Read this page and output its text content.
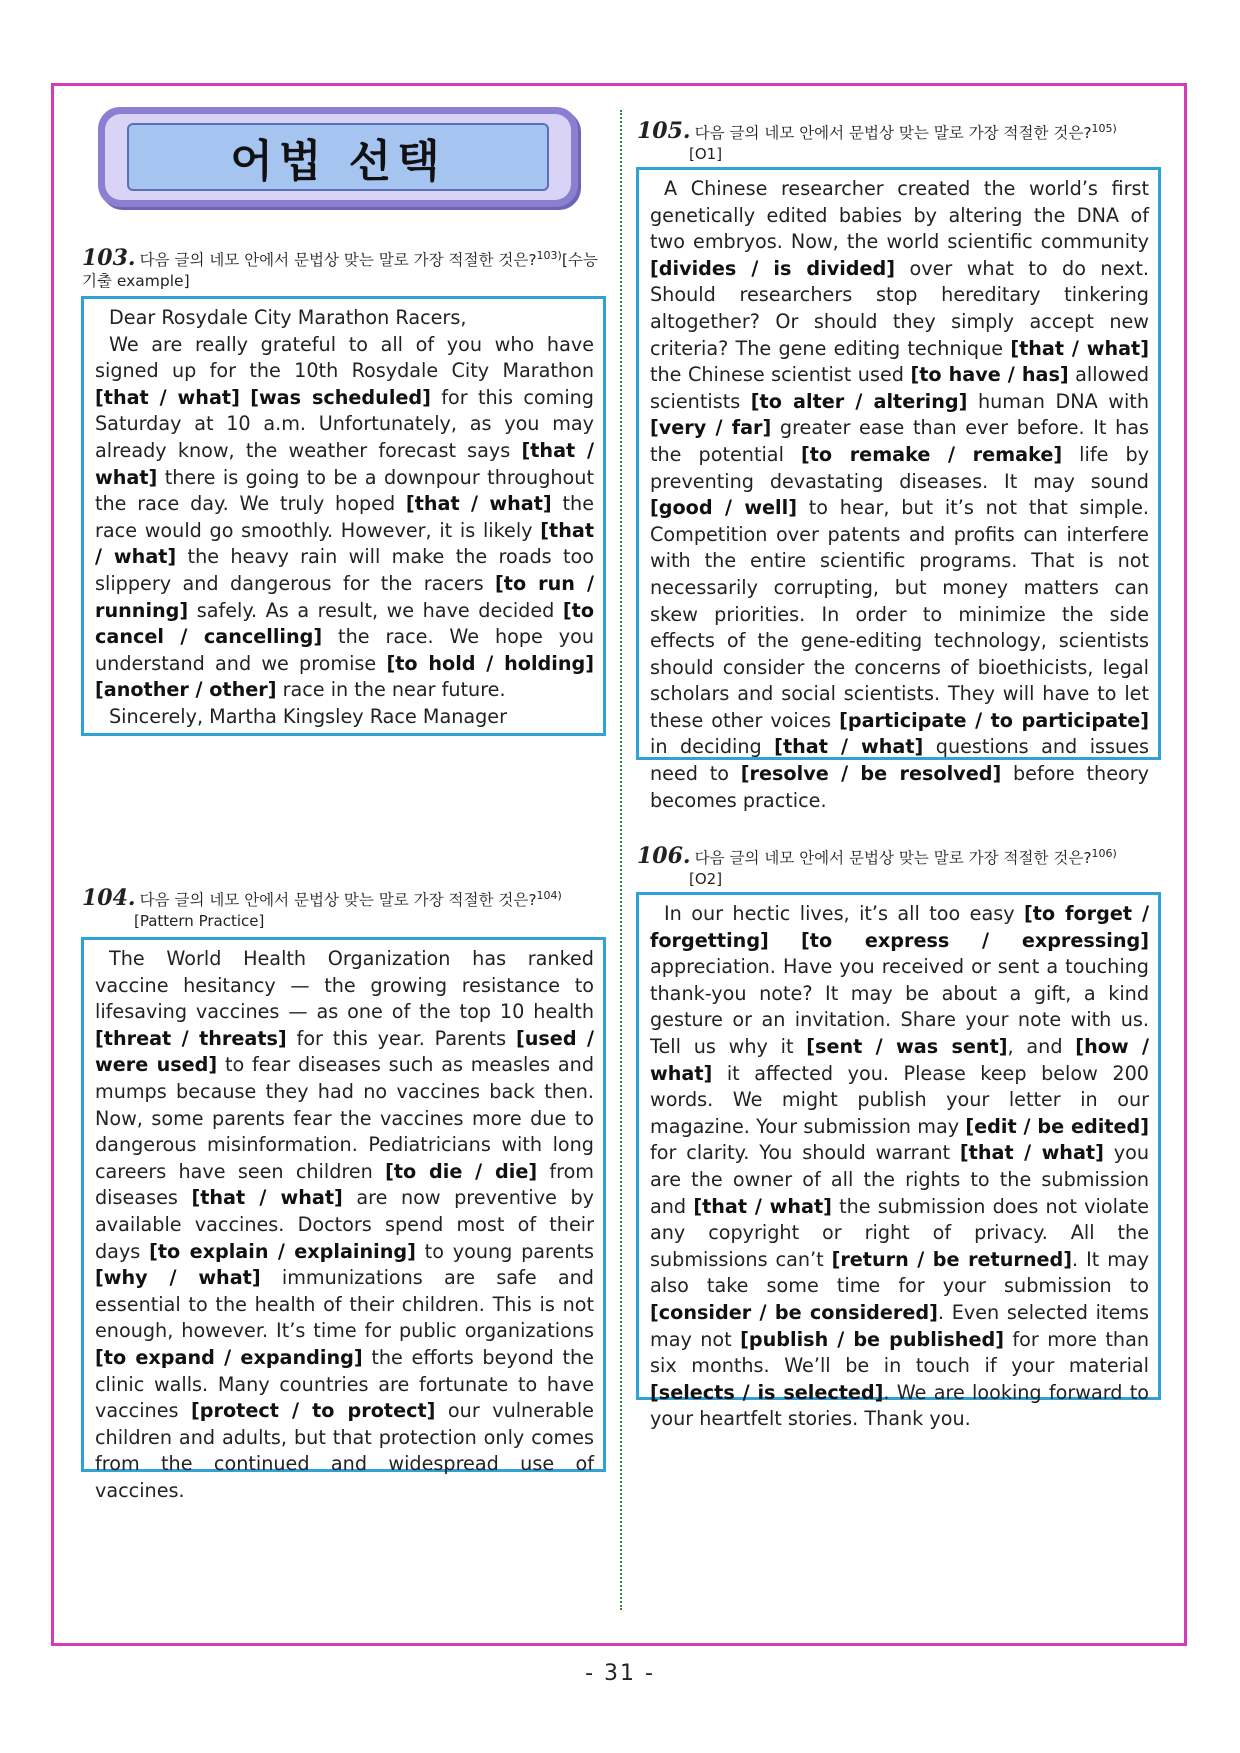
어법 선택
103. 다음 글의 네모 안에서 문법상 맞는 말로 가장 적절한 것은?$^{103)}$[수능 기출 example]

Dear Rosydale City Marathon Racers,

We are really grateful to all of you who have signed up for the 10th Rosydale City Marathon [that / what] [was scheduled] for this coming Saturday at 10 a.m. Unfortunately, as you may already know, the weather forecast says [that / what] there is going to be a downpour throughout the race day. We truly hoped [that / what] the race would go smoothly. However, it is likely [that / what] the heavy rain will make the roads too slippery and dangerous for the racers [to run / running] safely. As a result, we have decided [to cancel / cancelling] the race. We hope you understand and we promise [to hold / holding] [another / other] race in the near future.

Sincerely, Martha Kingsley Race Manager

104. 다음 글의 네모 안에서 문법상 맞는 말로 가장 적절한 것은?$^{104)}$
[Pattern Practice]

The World Health Organization has ranked vaccine hesitancy — the growing resistance to lifesaving vaccines — as one of the top 10 health [threat / threats] for this year. Parents [used / were used] to fear diseases such as measles and mumps because they had no vaccines back then. Now, some parents fear the vaccines more due to dangerous misinformation. Pediatricians with long careers have seen children [to die / die] from diseases [that / what] are now preventive by available vaccines. Doctors spend most of their days [to explain / explaining] to young parents [why / what] immunizations are safe and essential to the health of their children. This is not enough, however. It’s time for public organizations [to expand / expanding] the efforts beyond the clinic walls. Many countries are fortunate to have vaccines [protect / to protect] our vulnerable children and adults, but that protection only comes from the continued and widespread use of vaccines.

105. 다음 글의 네모 안에서 문법상 맞는 말로 가장 적절한 것은?$^{105)}$
[O1]

A Chinese researcher created the world’s first genetically edited babies by altering the DNA of two embryos. Now, the world scientific community [divides / is divided] over what to do next. Should researchers stop hereditary tinkering altogether? Or should they simply accept new criteria? The gene editing technique [that / what] the Chinese scientist used [to have / has] allowed scientists [to alter / altering] human DNA with [very / far] greater ease than ever before. It has the potential [to remake / remake] life by preventing devastating diseases. It may sound [good / well] to hear, but it’s not that simple. Competition over patents and profits can interfere with the entire scientific programs. That is not necessarily corrupting, but money matters can skew priorities. In order to minimize the side effects of the gene-editing technology, scientists should consider the concerns of bioethicists, legal scholars and social scientists. They will have to let these other voices [participate / to participate] in deciding [that / what] questions and issues need to [resolve / be resolved] before theory becomes practice.

106. 다음 글의 네모 안에서 문법상 맞는 말로 가장 적절한 것은?$^{106)}$
[O2]

In our hectic lives, it’s all too easy [to forget / forgetting] [to express / expressing] appreciation. Have you received or sent a touching thank-you note? It may be about a gift, a kind gesture or an invitation. Share your note with us. Tell us why it [sent / was sent], and [how / what] it affected you. Please keep below 200 words. We might publish your letter in our magazine. Your submission may [edit / be edited] for clarity. You should warrant [that / what] you are the owner of all the rights to the submission and [that / what] the submission does not violate any copyright or right of privacy. All the submissions can’t [return / be returned]. It may also take some time for your submission to [consider / be considered]. Even selected items may not [publish / be published] for more than six months. We’ll be in touch if your material [selects / is selected]. We are looking forward to your heartfelt stories. Thank you.

- 31 -
